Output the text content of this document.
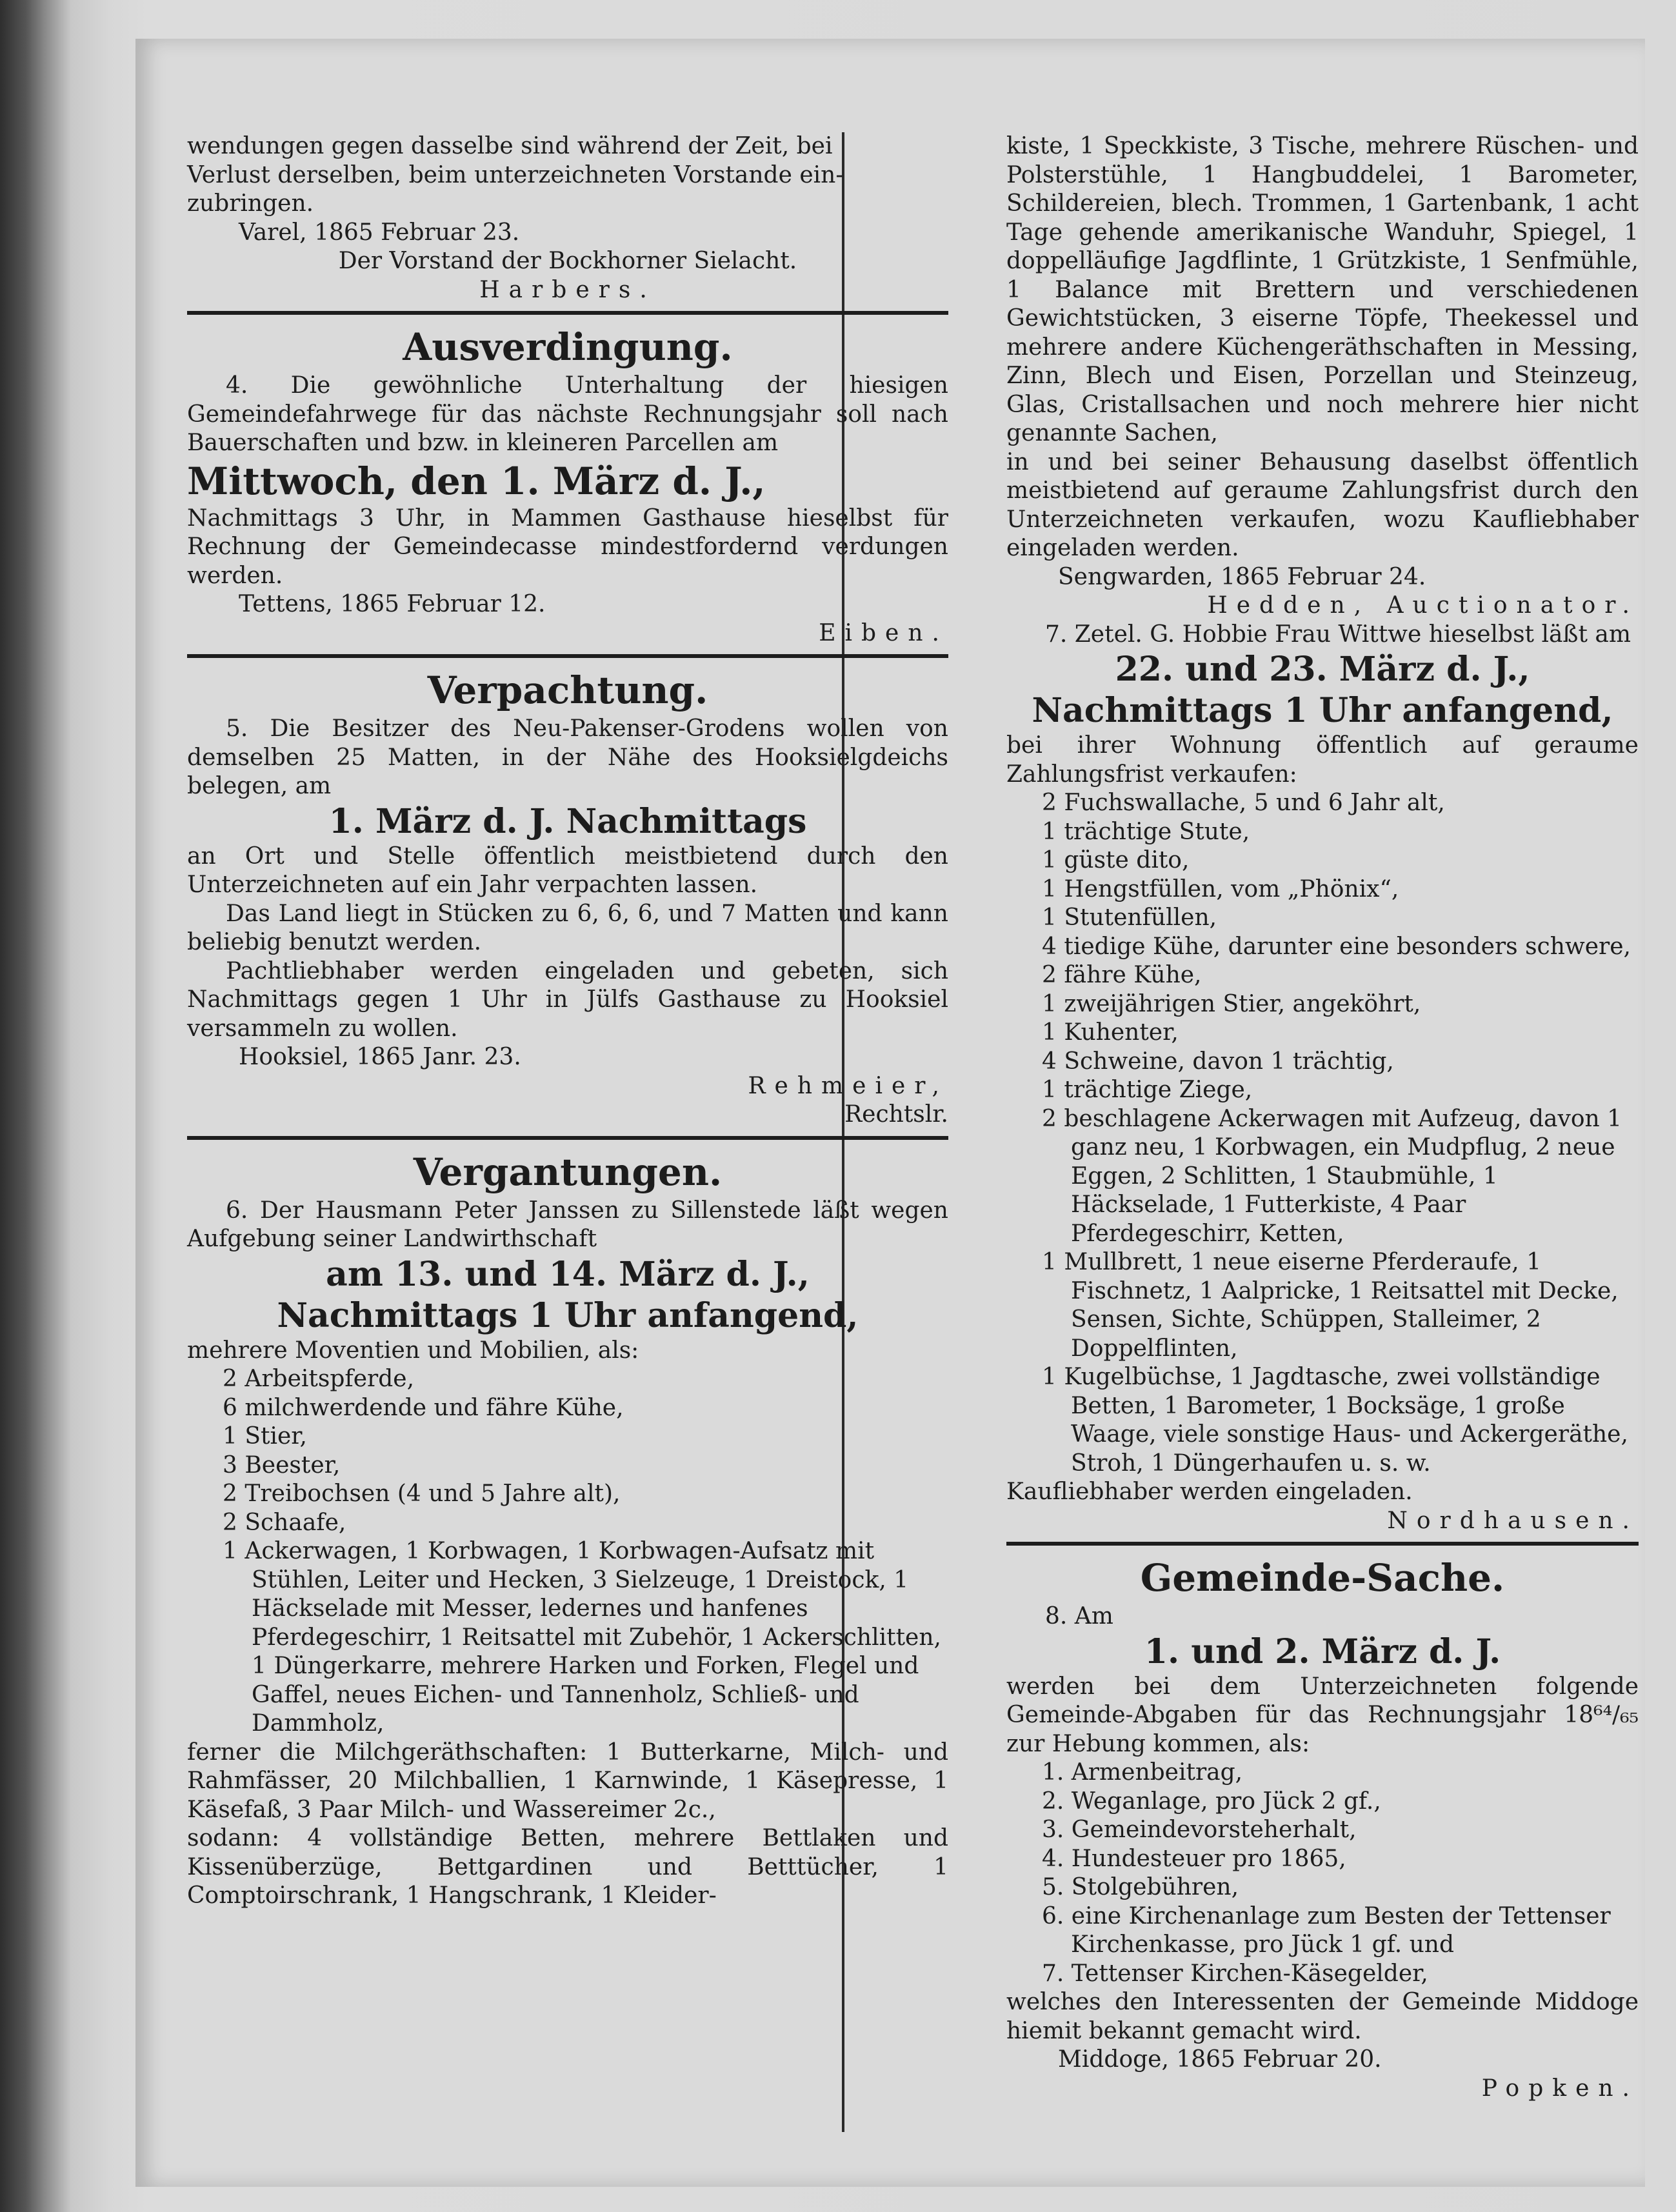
wendungen gegen dasselbe sind während der Zeit, bei

Verlust derselben, beim unterzeichneten Vorstande ein-

zubringen.

Varel, 1865 Februar 23.

Der Vorstand der Bockhorner Sielacht.

Harbers.

Ausverdingung.

4. Die gewöhnliche Unterhaltung der hiesigen Gemeindefahrwege für das nächste Rechnungsjahr soll nach Bauerschaften und bzw. in kleineren Parcellen am

Mittwoch, den 1. März d. J.,

Nachmittags 3 Uhr, in Mammen Gasthause hieselbst für Rechnung der Gemeindecasse mindestfordernd verdungen werden.

Tettens, 1865 Februar 12.

Eiben.

Verpachtung.

5. Die Besitzer des Neu-Pakenser-Grodens wollen von demselben 25 Matten, in der Nähe des Hooksielgdeichs belegen, am

1. März d. J. Nachmittags

an Ort und Stelle öffentlich meistbietend durch den Unterzeichneten auf ein Jahr verpachten lassen.

Das Land liegt in Stücken zu 6, 6, 6, und 7 Matten und kann beliebig benutzt werden.

Pachtliebhaber werden eingeladen und gebeten, sich Nachmittags gegen 1 Uhr in Jülfs Gasthause zu Hooksiel versammeln zu wollen.

Hooksiel, 1865 Janr. 23.

Rehmeier,

Rechtslr.

Vergantungen.

6. Der Hausmann Peter Janssen zu Sillenstede läßt wegen Aufgebung seiner Landwirthschaft

am 13. und 14. März d. J.,
Nachmittags 1 Uhr anfangend,

mehrere Moventien und Mobilien, als:

2 Arbeitspferde,

6 milchwerdende und fähre Kühe,

1 Stier,

3 Beester,

2 Treibochsen (4 und 5 Jahre alt),

2 Schaafe,

1 Ackerwagen, 1 Korbwagen, 1 Korbwagen-Aufsatz mit Stühlen, Leiter und Hecken, 3 Sielzeuge, 1 Dreistock, 1 Häckselade mit Messer, ledernes und hanfenes Pferdegeschirr, 1 Reitsattel mit Zubehör, 1 Ackerschlitten, 1 Düngerkarre, mehrere Harken und Forken, Flegel und Gaffel, neues Eichen- und Tannenholz, Schließ- und Dammholz,

ferner die Milchgeräthschaften: 1 Butterkarne, Milch- und Rahmfässer, 20 Milchballien, 1 Karnwinde, 1 Käsepresse, 1 Käsefaß, 3 Paar Milch- und Wassereimer 2c.,

sodann: 4 vollständige Betten, mehrere Bettlaken und Kissenüberzüge, Bettgardinen und Betttücher, 1 Comptoirschrank, 1 Hangschrank, 1 Kleider-

kiste, 1 Speckkiste, 3 Tische, mehrere Rüschen- und Polsterstühle, 1 Hangbuddelei, 1 Barometer, Schildereien, blech. Trommen, 1 Gartenbank, 1 acht Tage gehende amerikanische Wanduhr, Spiegel, 1 doppelläufige Jagdflinte, 1 Grützkiste, 1 Senfmühle, 1 Balance mit Brettern und verschiedenen Gewichtstücken, 3 eiserne Töpfe, Theekessel und mehrere andere Küchengeräthschaften in Messing, Zinn, Blech und Eisen, Porzellan und Steinzeug, Glas, Cristallsachen und noch mehrere hier nicht genannte Sachen,

in und bei seiner Behausung daselbst öffentlich meistbietend auf geraume Zahlungsfrist durch den Unterzeichneten verkaufen, wozu Kaufliebhaber eingeladen werden.

Sengwarden, 1865 Februar 24.

Hedden, Auctionator.

7. Zetel. G. Hobbie Frau Wittwe hieselbst läßt am

22. und 23. März d. J., Nachmittags 1 Uhr anfangend,

bei ihrer Wohnung öffentlich auf geraume Zahlungsfrist verkaufen:

2 Fuchswallache, 5 und 6 Jahr alt,

1 trächtige Stute,

1 güste dito,

1 Hengstfüllen, vom „Phönix“,

1 Stutenfüllen,

4 tiedige Kühe, darunter eine besonders schwere,

2 fähre Kühe,

1 zweijährigen Stier, angeköhrt,

1 Kuhenter,

4 Schweine, davon 1 trächtig,

1 trächtige Ziege,

2 beschlagene Ackerwagen mit Aufzeug, davon 1 ganz neu, 1 Korbwagen, ein Mudpflug, 2 neue Eggen, 2 Schlitten, 1 Staubmühle, 1 Häckselade, 1 Futterkiste, 4 Paar Pferdegeschirr, Ketten,

1 Mullbrett, 1 neue eiserne Pferderaufe, 1 Fischnetz, 1 Aalpricke, 1 Reitsattel mit Decke, Sensen, Sichte, Schüppen, Stalleimer, 2 Doppelflinten,

1 Kugelbüchse, 1 Jagdtasche, zwei vollständige Betten, 1 Barometer, 1 Bocksäge, 1 große Waage, viele sonstige Haus- und Ackergeräthe, Stroh, 1 Düngerhaufen u. s. w.

Kaufliebhaber werden eingeladen.

Nordhausen.

Gemeinde-Sache.

8. Am

1. und 2. März d. J.

werden bei dem Unterzeichneten folgende Gemeinde-Abgaben für das Rechnungsjahr 18⁶⁴/₆₅ zur Hebung kommen, als:

1. Armenbeitrag,

2. Weganlage, pro Jück 2 gf.,

3. Gemeindevorsteherhalt,

4. Hundesteuer pro 1865,

5. Stolgebühren,

6. eine Kirchenanlage zum Besten der Tettenser Kirchenkasse, pro Jück 1 gf. und

7. Tettenser Kirchen-Käsegelder,

welches den Interessenten der Gemeinde Middoge hiemit bekannt gemacht wird.

Middoge, 1865 Februar 20.

Popken.
